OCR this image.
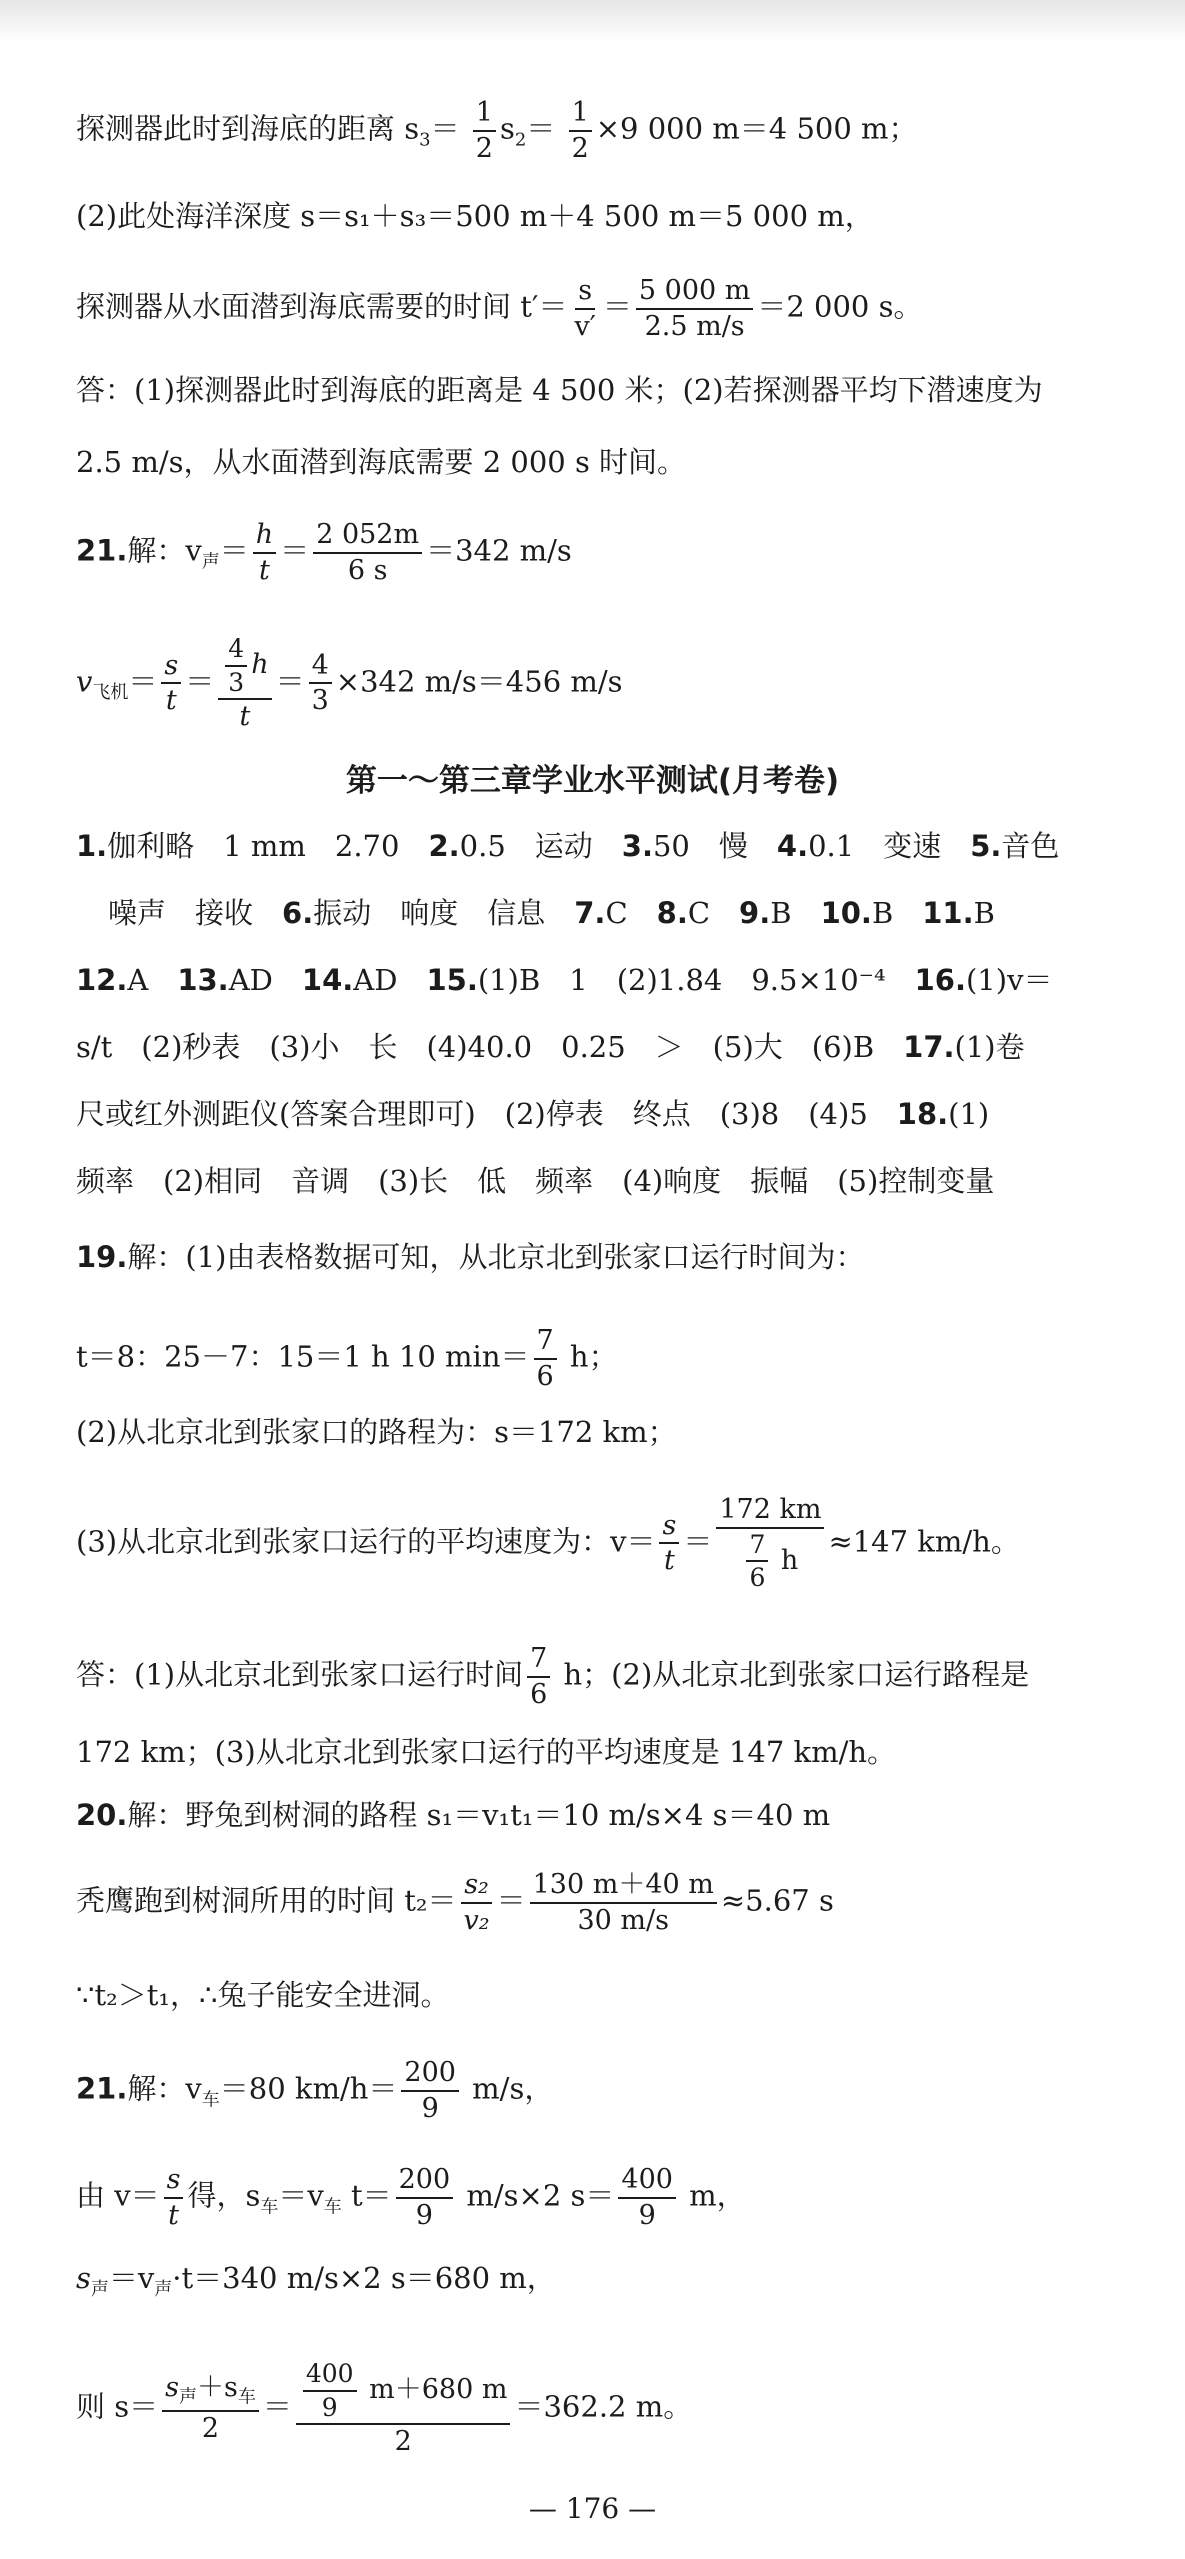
探测器此时到海底的距离 $s_3= \frac{1}{2} s_2= \frac{1}{2} \times 9$ 000 m＝4 500 m；
(2)此处海洋深度 s＝s₁＋s₃＝500 m＋4 500 m＝5 000 m，
探测器从水面潜到海底需要的时间 $t'= \frac{s}{v'} = \frac{5 000 m}{2.5 m/s} =2$ 000 s。
答：(1)探测器此时到海底的距离是 4 500 米；(2)若探测器平均下潜速度为
2.5 m/s，从水面潜到海底需要 2 000 s 时间。
21.解：$v_声= \frac{h}{t} = \frac{2 052m}{6 s} =342$ m/s
$v_{飞机}= \frac{s}{t} = \frac{\frac{4}{3} h}{t} = \frac{4}{3} \times 342$ m/s＝456 m/s
第一～第三章学业水平测试(月考卷)
1.伽利略　1 mm　2.70　2.0.5　运动　3.50　慢　4.0.1　变速　5.音色
噪声　接收　6.振动　响度　信息　7.C　8.C　9.B　10.B　11.B
12.A　13.AD　14.AD　15.(1)B　1　(2)1.84　9.5×10⁻⁴　16.(1)v＝
s/t　(2)秒表　(3)小　长　(4)40.0　0.25　＞　(5)大　(6)B　17.(1)卷
尺或红外测距仪(答案合理即可)　(2)停表　终点　(3)8　(4)5　18.(1)
频率　(2)相同　音调　(3)长　低　频率　(4)响度　振幅　(5)控制变量
19.解：(1)由表格数据可知，从北京北到张家口运行时间为：
t＝8：25－7：15＝1 h 10 $\min= \frac{7}{6}$ h；
(2)从北京北到张家口的路程为：s＝172 km；
(3)从北京北到张家口运行的平均速度为：$v= \frac{s}{t} = \frac{172 km}{\frac{7}{6} h} \approx 147$ km/h。
答：(1)从北京北到张家口运行时间 $\frac{7}{6}$ h；(2)从北京北到张家口运行路程是
172 km；(3)从北京北到张家口运行的平均速度是 147 km/h。
20.解：野兔到树洞的路程 s₁＝v₁t₁＝10 m/s×4 s＝40 m
秃鹰跑到树洞所用的时间 $t_2= \frac{\text{s₂}}{\text{v₂}} = \frac{130 m+40 m}{30 m/s} \approx 5.67$ s
∵t₂＞t₁，∴兔子能安全进洞。
21.解：$v_车=80$ $km/h= \frac{200}{9} m/s$，
由 $v= \frac{s}{t}$ 得，$s_车=v_车$ $t= \frac{200}{9} m/s\times 2$ $s= \frac{400}{9}$ m，
$s_声=v_声\cdot t=340$ m/s×2 s＝680 m，
则 $s= \frac{s_声+s_车}{2} = \frac{\frac{400}{9} m+680 m}{2} =362.2$ m。
— 176 —
